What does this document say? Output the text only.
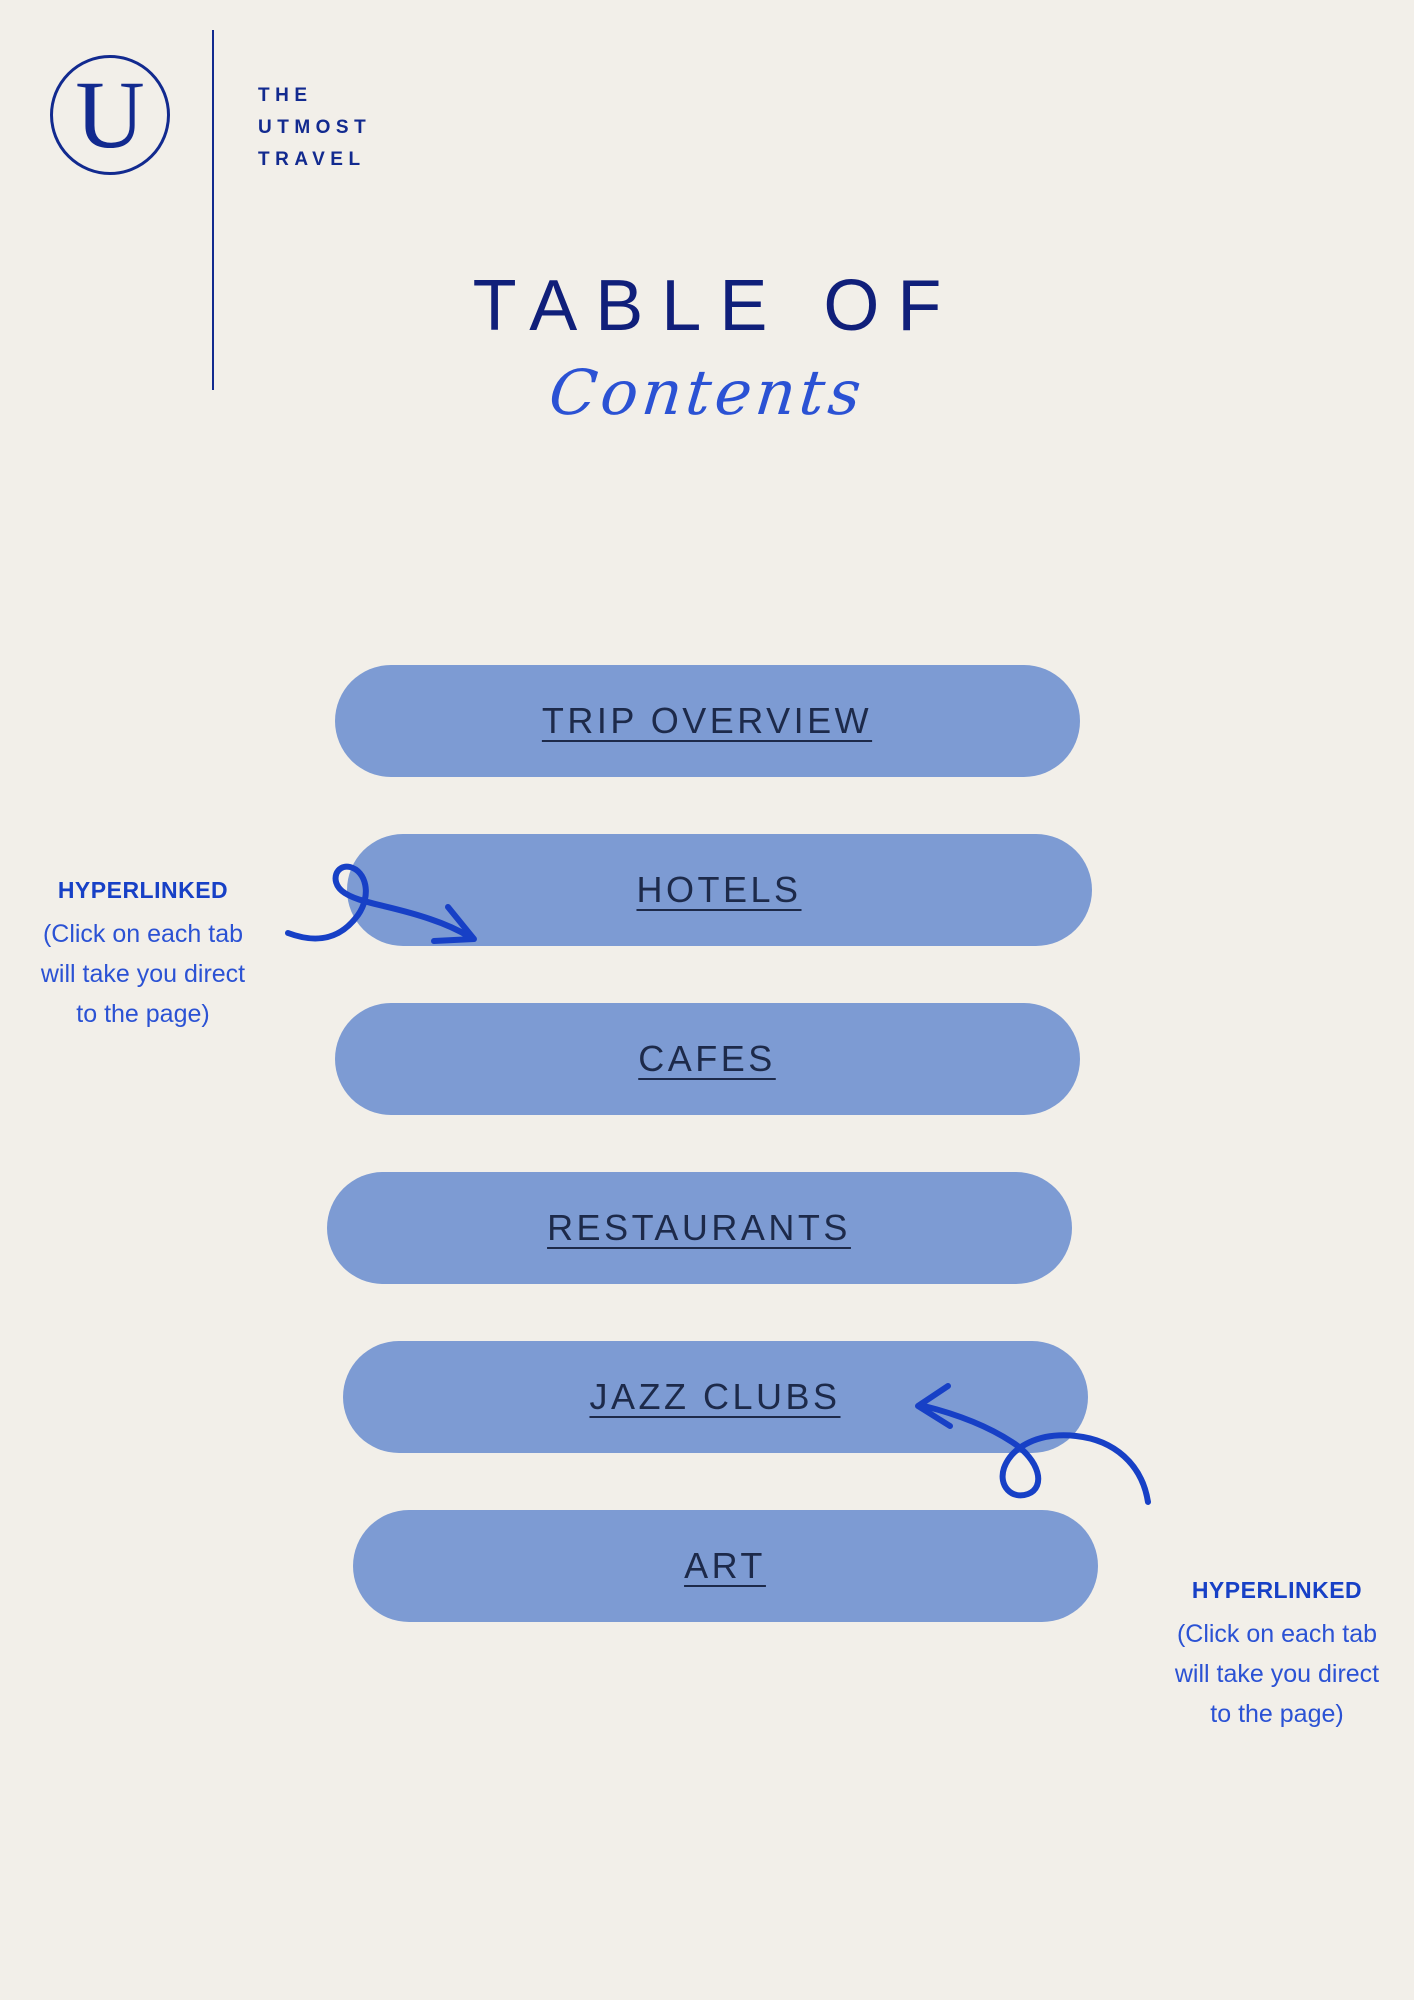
U	THE
UTMOST
TRAVEL
TABLE OF
Contents
TRIP OVERVIEW
HOTELS
CAFES
RESTAURANTS
JAZZ CLUBS
ART
HYPERLINKED
(Click on each tab will take you direct to the page)
HYPERLINKED
(Click on each tab will take you direct to the page)
